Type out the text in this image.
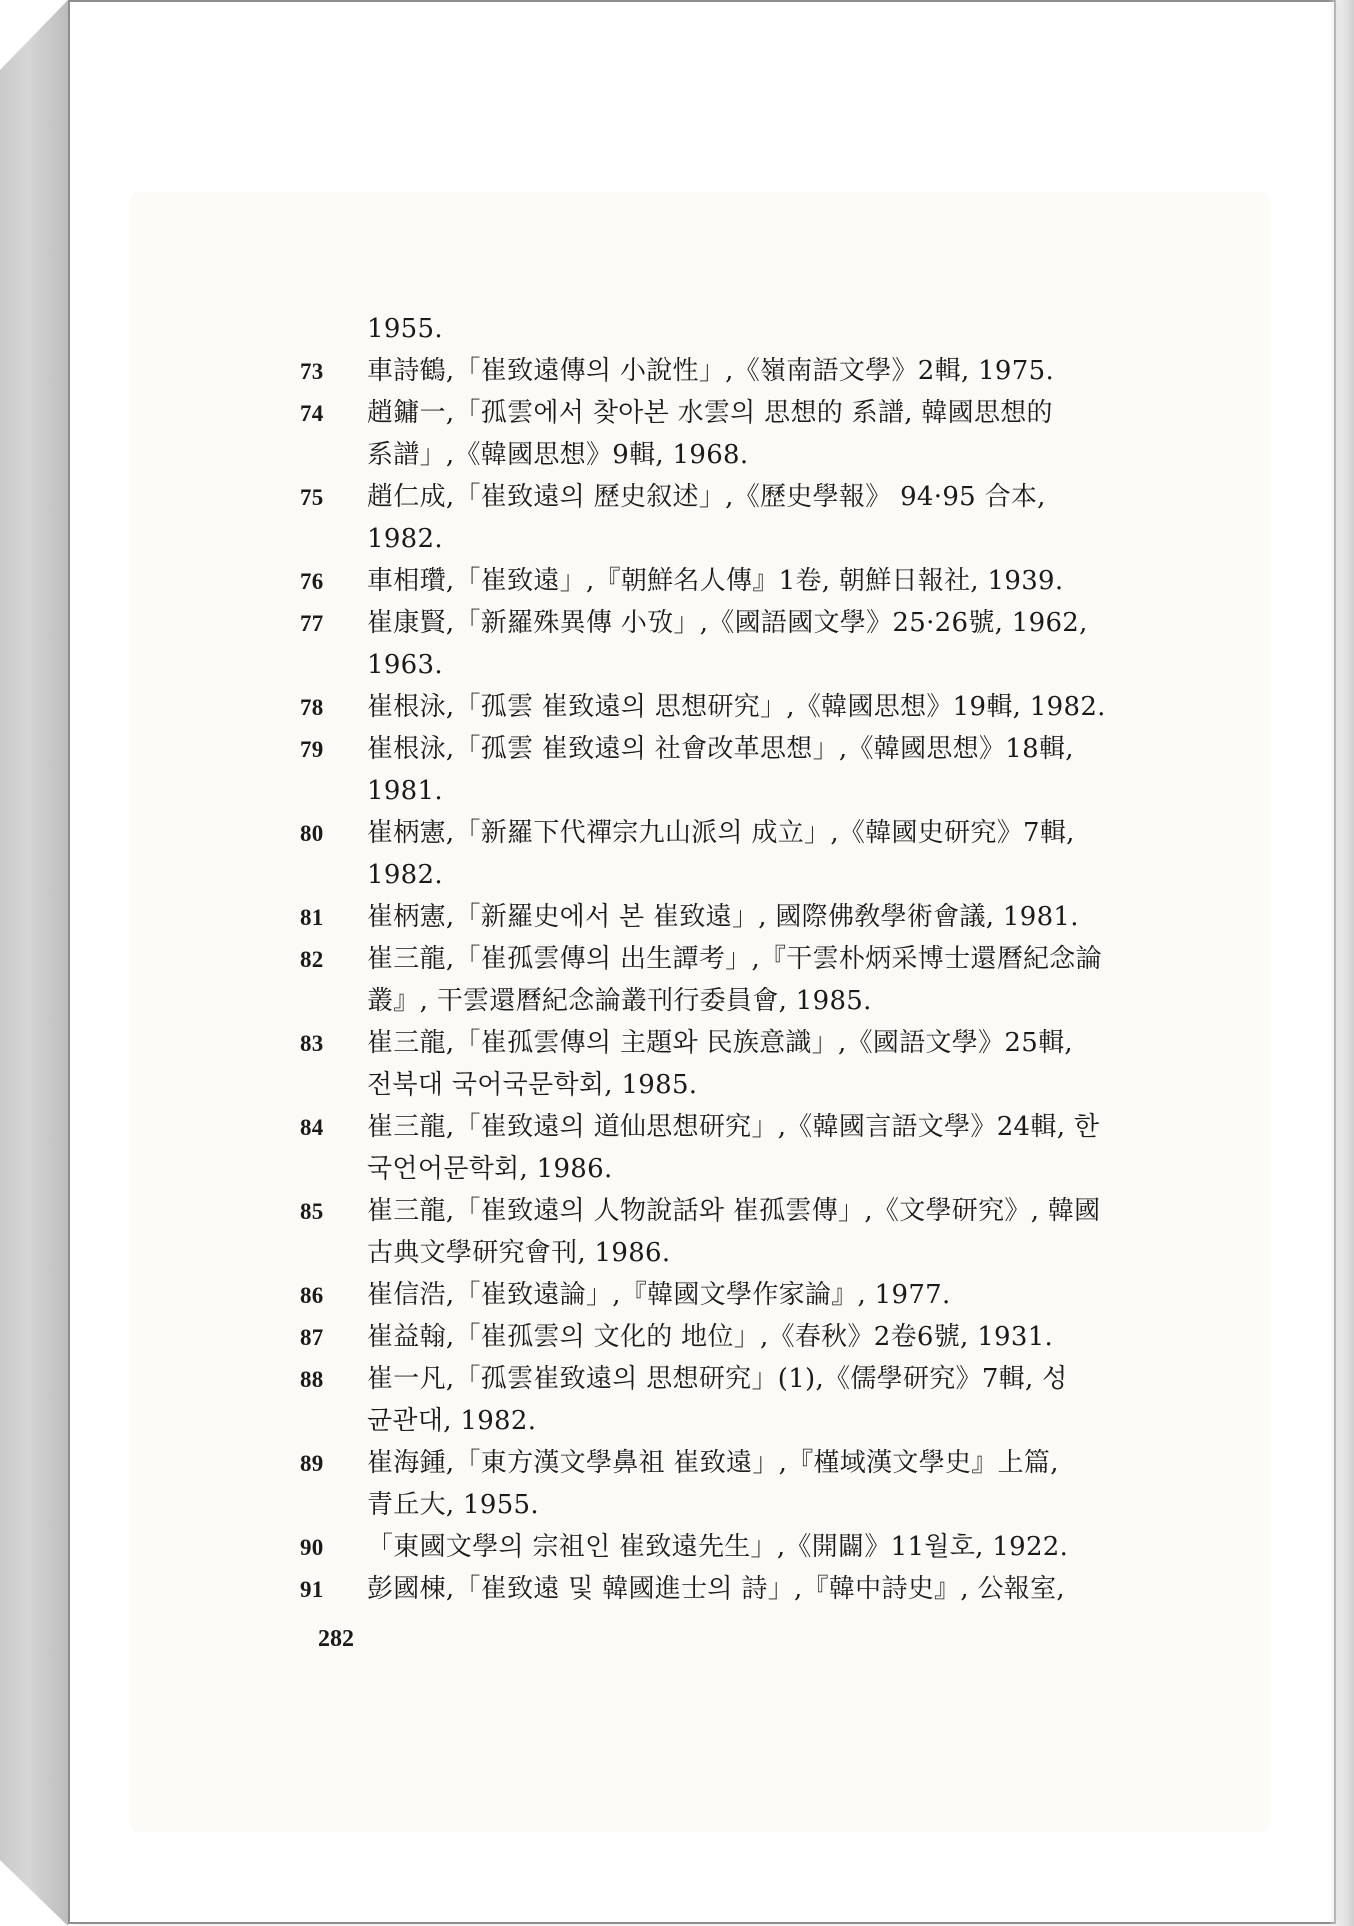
1955.
73 車詩鶴,「崔致遠傳의 小說性」,《嶺南語文學》2輯, 1975.
74 趙鏞一,「孤雲에서 찾아본 水雲의 思想的 系譜, 韓國思想的
系譜」,《韓國思想》9輯, 1968.
75 趙仁成,「崔致遠의 歷史叙述」,《歷史學報》 94·95 合本,
1982.
76 車相瓚,「崔致遠」,『朝鮮名人傳』1卷, 朝鮮日報社, 1939.
77 崔康賢,「新羅殊異傳 小攷」,《國語國文學》25·26號, 1962,
1963.
78 崔根泳,「孤雲 崔致遠의 思想研究」,《韓國思想》19輯, 1982.
79 崔根泳,「孤雲 崔致遠의 社會改革思想」,《韓國思想》18輯,
1981.
80 崔柄憲,「新羅下代禪宗九山派의 成立」,《韓國史研究》7輯,
1982.
81 崔柄憲,「新羅史에서 본 崔致遠」, 國際佛敎學術會議, 1981.
82 崔三龍,「崔孤雲傳의 出生譚考」,『干雲朴炳采博士還曆紀念論
叢』, 干雲還曆紀念論叢刊行委員會, 1985.
83 崔三龍,「崔孤雲傳의 主題와 民族意識」,《國語文學》25輯,
전북대 국어국문학회, 1985.
84 崔三龍,「崔致遠의 道仙思想研究」,《韓國言語文學》24輯, 한
국언어문학회, 1986.
85 崔三龍,「崔致遠의 人物說話와 崔孤雲傳」,《文學研究》, 韓國
古典文學研究會刊, 1986.
86 崔信浩,「崔致遠論」,『韓國文學作家論』, 1977.
87 崔益翰,「崔孤雲의 文化的 地位」,《春秋》2卷6號, 1931.
88 崔一凡,「孤雲崔致遠의 思想研究」(1),《儒學研究》7輯, 성
균관대, 1982.
89 崔海鍾,「東方漢文學鼻祖 崔致遠」,『槿域漢文學史』上篇,
青丘大, 1955.
90 「東國文學의 宗祖인 崔致遠先生」,《開闢》11월호, 1922.
91 彭國棟,「崔致遠 및 韓國進士의 詩」,『韓中詩史』, 公報室,
282
